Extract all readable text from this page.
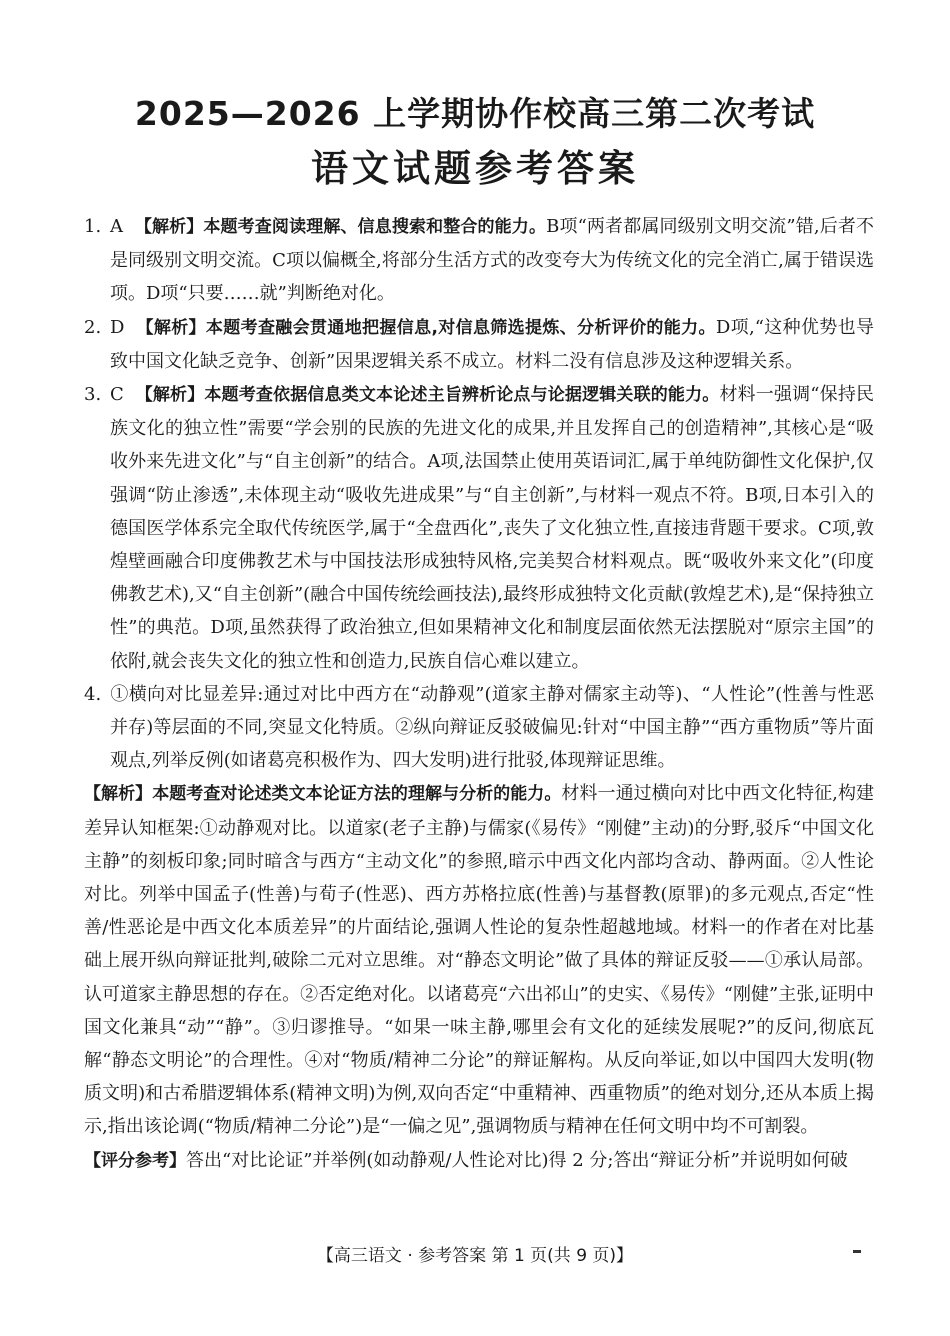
2025—2026 上学期协作校高三第二次考试
语文试题参考答案

1. A 【解析】本题考查阅读理解、信息搜索和整合的能力。B项“两者都属同级别文明交流”错,后者不是同级别文明交流。C项以偏概全,将部分生活方式的改变夸大为传统文化的完全消亡,属于错误选项。D项“只要……就”判断绝对化。

2. D 【解析】本题考查融会贯通地把握信息,对信息筛选提炼、分析评价的能力。D项,“这种优势也导致中国文化缺乏竞争、创新”因果逻辑关系不成立。材料二没有信息涉及这种逻辑关系。

3. C 【解析】本题考查依据信息类文本论述主旨辨析论点与论据逻辑关联的能力。材料一强调“保持民族文化的独立性”需要“学会别的民族的先进文化的成果,并且发挥自己的创造精神”,其核心是“吸收外来先进文化”与“自主创新”的结合。A项,法国禁止使用英语词汇,属于单纯防御性文化保护,仅强调“防止渗透”,未体现主动“吸收先进成果”与“自主创新”,与材料一观点不符。B项,日本引入的德国医学体系完全取代传统医学,属于“全盘西化”,丧失了文化独立性,直接违背题干要求。C项,敦煌壁画融合印度佛教艺术与中国技法形成独特风格,完美契合材料观点。既“吸收外来文化”(印度佛教艺术),又“自主创新”(融合中国传统绘画技法),最终形成独特文化贡献(敦煌艺术),是“保持独立性”的典范。D项,虽然获得了政治独立,但如果精神文化和制度层面依然无法摆脱对“原宗主国”的依附,就会丧失文化的独立性和创造力,民族自信心难以建立。

4. ①横向对比显差异:通过对比中西方在“动静观”(道家主静对儒家主动等)、“人性论”(性善与性恶并存)等层面的不同,突显文化特质。②纵向辩证反驳破偏见:针对“中国主静”“西方重物质”等片面观点,列举反例(如诸葛亮积极作为、四大发明)进行批驳,体现辩证思维。

【解析】本题考查对论述类文本论证方法的理解与分析的能力。材料一通过横向对比中西文化特征,构建差异认知框架:①动静观对比。以道家(老子主静)与儒家(《易传》“刚健”主动)的分野,驳斥“中国文化主静”的刻板印象;同时暗含与西方“主动文化”的参照,暗示中西文化内部均含动、静两面。②人性论对比。列举中国孟子(性善)与荀子(性恶)、西方苏格拉底(性善)与基督教(原罪)的多元观点,否定“性善/性恶论是中西文化本质差异”的片面结论,强调人性论的复杂性超越地域。材料一的作者在对比基础上展开纵向辩证批判,破除二元对立思维。对“静态文明论”做了具体的辩证反驳——①承认局部。认可道家主静思想的存在。②否定绝对化。以诸葛亮“六出祁山”的史实、《易传》“刚健”主张,证明中国文化兼具“动”“静”。③归谬推导。“如果一味主静,哪里会有文化的延续发展呢?”的反问,彻底瓦解“静态文明论”的合理性。④对“物质/精神二分论”的辩证解构。从反向举证,如以中国四大发明(物质文明)和古希腊逻辑体系(精神文明)为例,双向否定“中重精神、西重物质”的绝对划分,还从本质上揭示,指出该论调(“物质/精神二分论”)是“一偏之见”,强调物质与精神在任何文明中均不可割裂。

【评分参考】答出“对比论证”并举例(如动静观/人性论对比)得 2 分;答出“辩证分析”并说明如何破

【高三语文 · 参考答案 第 1 页(共 9 页)】
